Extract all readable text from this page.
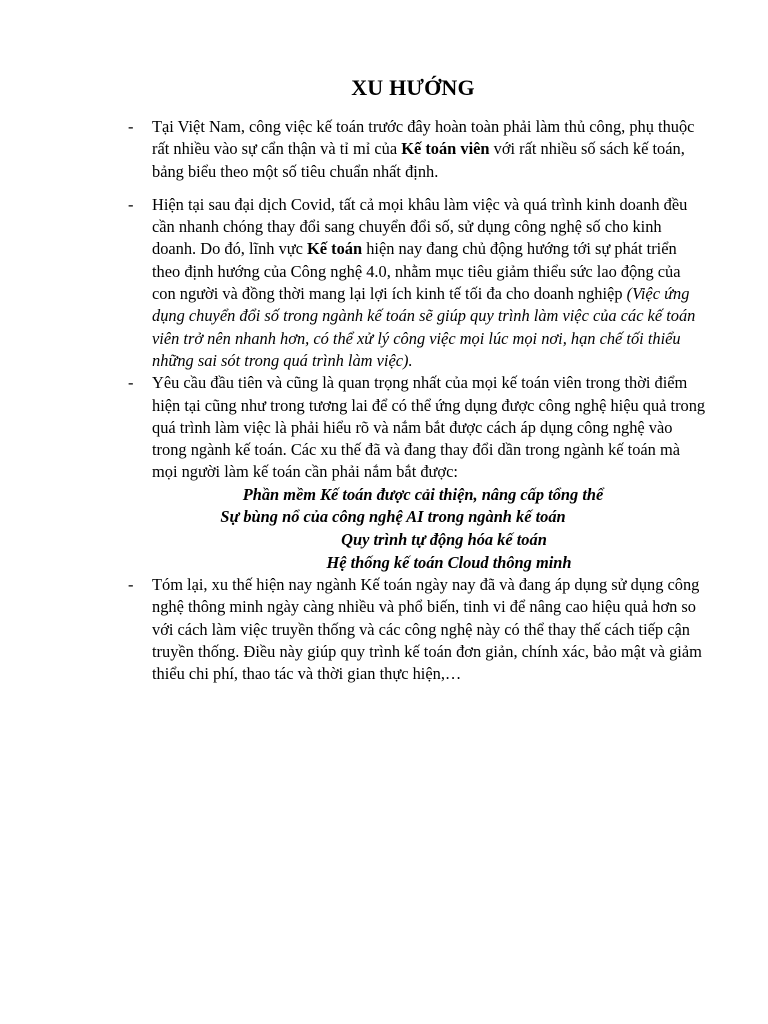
XU HƯỚNG
- Tại Việt Nam, công việc kế toán trước đây hoàn toàn phải làm thủ công, phụ thuộc rất nhiều vào sự cẩn thận và tỉ mỉ của Kế toán viên với rất nhiều số sách kế toán, bảng biểu theo một số tiêu chuẩn nhất định.

- Hiện tại sau đại dịch Covid, tất cả mọi khâu làm việc và quá trình kinh doanh đều cần nhanh chóng thay đổi sang chuyển đổi số, sử dụng công nghệ số cho kinh doanh. Do đó, lĩnh vực Kế toán hiện nay đang chủ động hướng tới sự phát triển theo định hướng của Công nghệ 4.0, nhằm mục tiêu giảm thiểu sức lao động của con người và đồng thời mang lại lợi ích kinh tế tối đa cho doanh nghiệp (Việc ứng dụng chuyển đổi số trong ngành kế toán sẽ giúp quy trình làm việc của các kế toán viên trở nên nhanh hơn, có thể xử lý công việc mọi lúc mọi nơi, hạn chế tối thiểu những sai sót trong quá trình làm việc).

- Yêu cầu đầu tiên và cũng là quan trọng nhất của mọi kế toán viên trong thời điểm hiện tại cũng như trong tương lai để có thể ứng dụng được công nghệ hiệu quả trong quá trình làm việc là phải hiểu rõ và nắm bắt được cách áp dụng công nghệ vào trong ngành kế toán. Các xu thế đã và đang thay đổi dần trong ngành kế toán mà mọi người làm kế toán cần phải nắm bắt được:

Phần mềm Kế toán được cải thiện, nâng cấp tổng thể
Sự bùng nổ của công nghệ AI trong ngành kế toán
Quy trình tự động hóa kế toán
Hệ thống kế toán Cloud thông minh
- Tóm lại, xu thế hiện nay ngành Kế toán ngày nay đã và đang áp dụng sử dụng công nghệ thông minh ngày càng nhiều và phổ biến, tinh vi để nâng cao hiệu quả hơn so với cách làm việc truyền thống và các công nghệ này có thể thay thế cách tiếp cận truyền thống. Điều này giúp quy trình kế toán đơn giản, chính xác, bảo mật và giảm thiểu chi phí, thao tác và thời gian thực hiện,…
